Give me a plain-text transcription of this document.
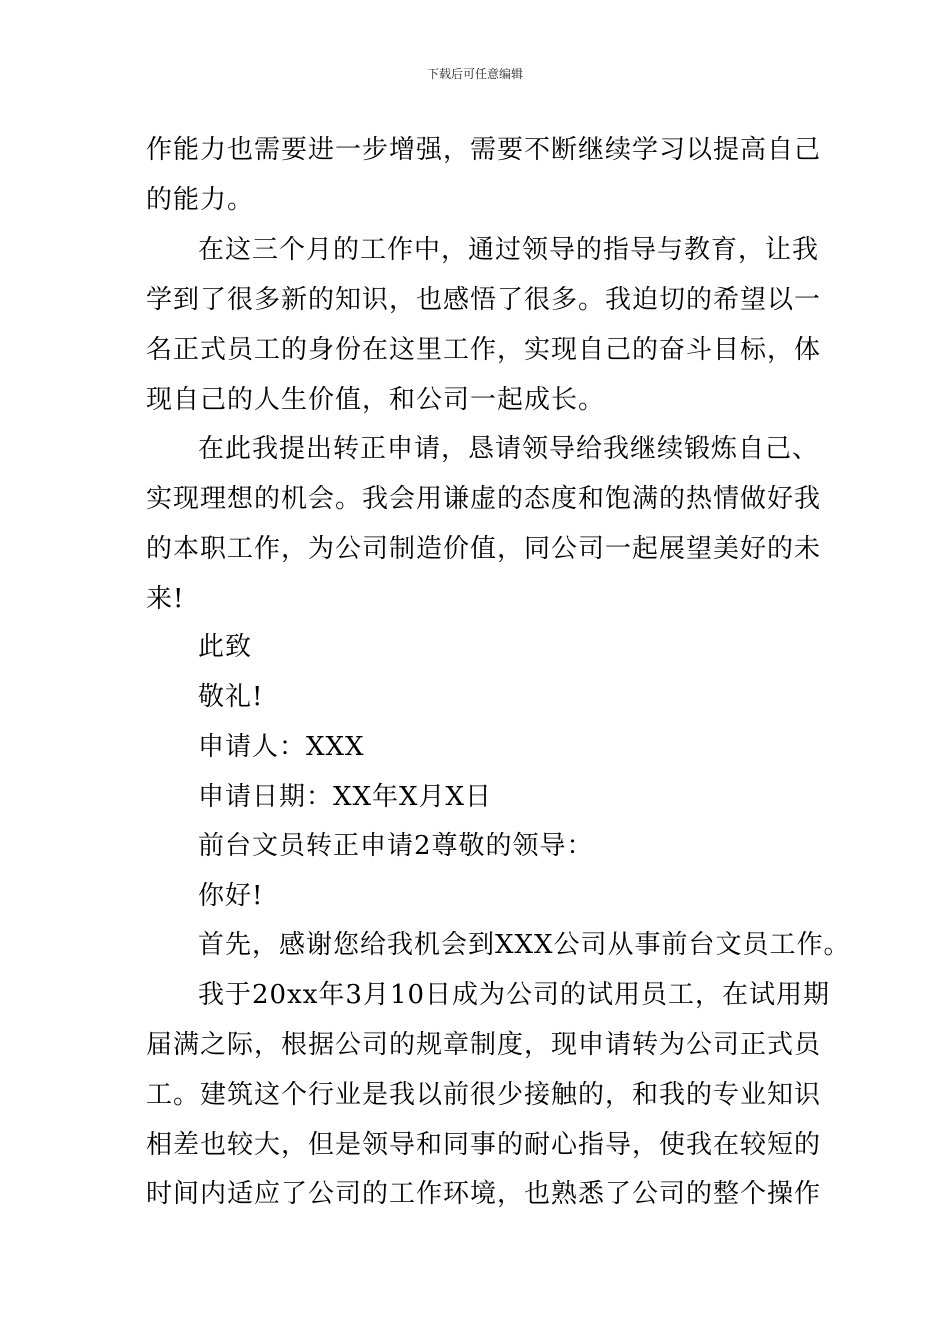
下载后可任意编辑
作能力也需要进一步增强，需要不断继续学习以提高自己
的能力。
在这三个月的工作中，通过领导的指导与教育，让我
学到了很多新的知识，也感悟了很多。我迫切的希望以一
名正式员工的身份在这里工作，实现自己的奋斗目标，体
现自己的人生价值，和公司一起成长。
在此我提出转正申请，恳请领导给我继续锻炼自己、
实现理想的机会。我会用谦虚的态度和饱满的热情做好我
的本职工作，为公司制造价值，同公司一起展望美好的未
来!
此致
敬礼!
申请人：XXX
申请日期：XX年X月X日
前台文员转正申请2尊敬的领导：
你好!
首先，感谢您给我机会到XXX公司从事前台文员工作。
我于20xx年3月10日成为公司的试用员工，在试用期
届满之际，根据公司的规章制度，现申请转为公司正式员
工。建筑这个行业是我以前很少接触的，和我的专业知识
相差也较大，但是领导和同事的耐心指导，使我在较短的
时间内适应了公司的工作环境，也熟悉了公司的整个操作
